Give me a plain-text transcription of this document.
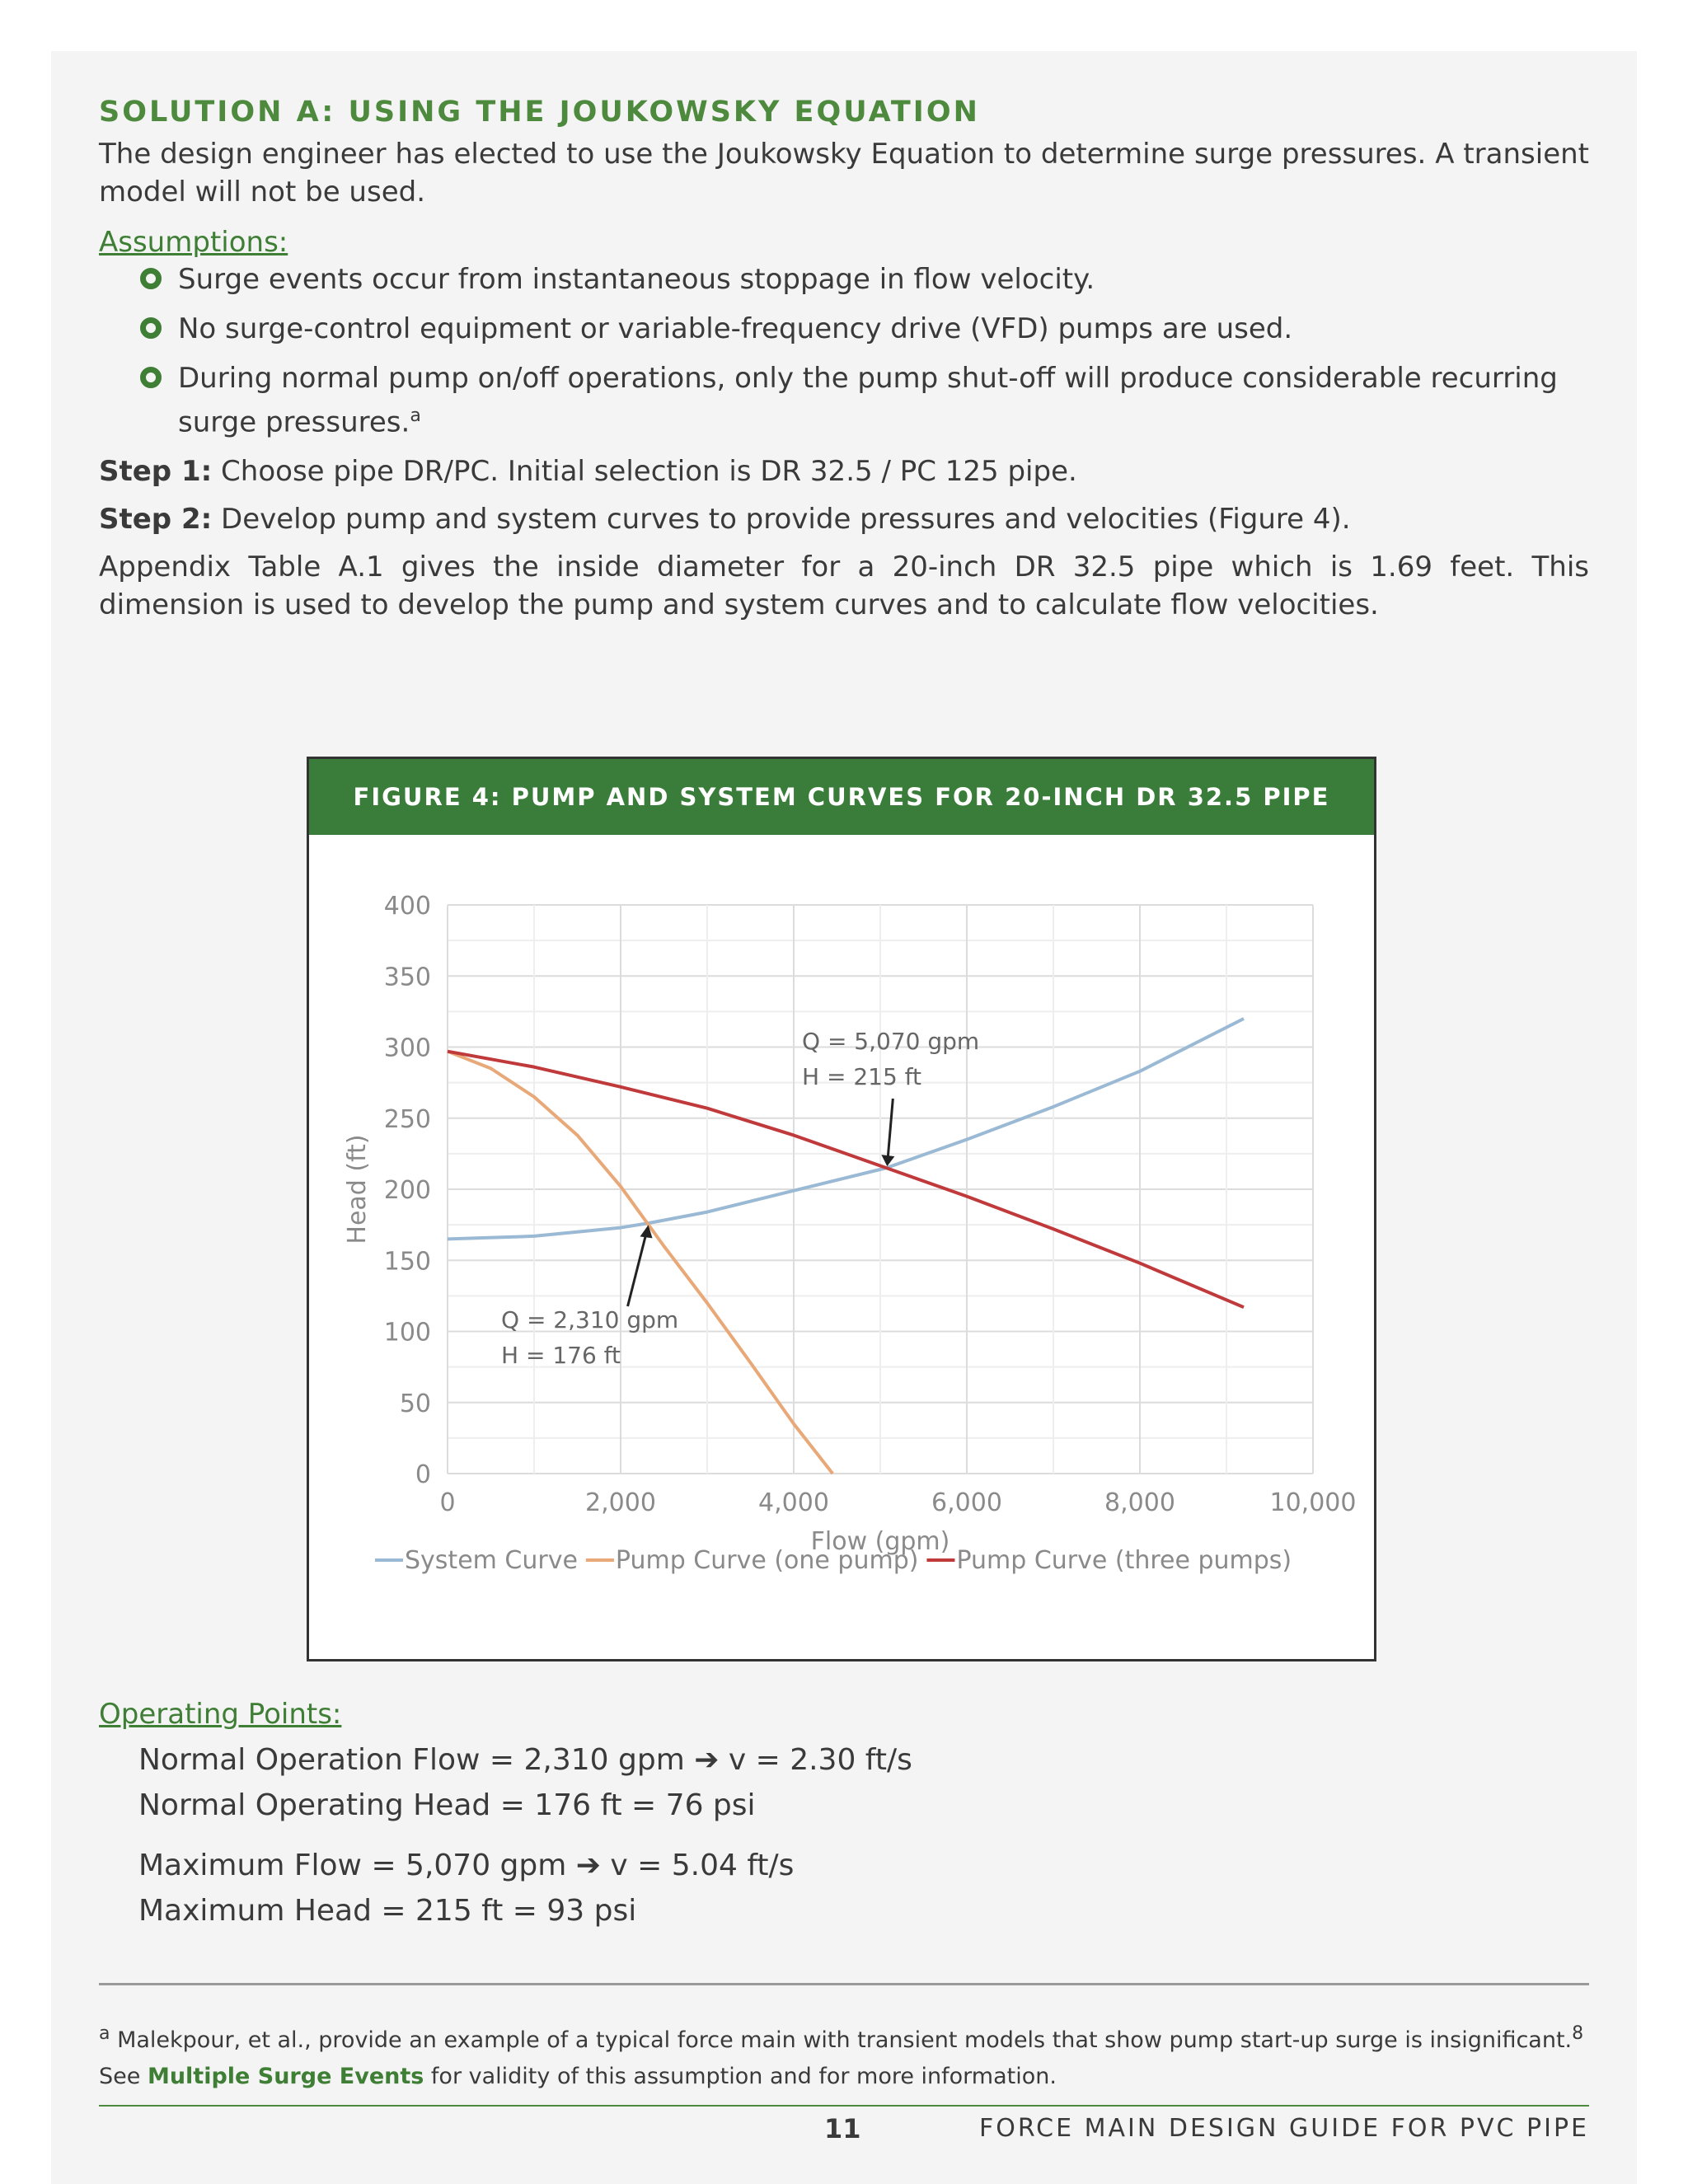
SOLUTION A: USING THE JOUKOWSKY EQUATION

The design engineer has elected to use the Joukowsky Equation to determine surge pressures. A transient model will not be used.

Assumptions:
Surge events occur from instantaneous stoppage in flow velocity.
No surge-control equipment or variable-frequency drive (VFD) pumps are used.
During normal pump on/off operations, only the pump shut-off will produce considerable recurring surge pressures.$^a$
Step 1: Choose pipe DR/PC. Initial selection is DR 32.5 / PC 125 pipe.
Step 2: Develop pump and system curves to provide pressures and velocities (Figure 4).

Appendix Table A.1 gives the inside diameter for a 20-inch DR 32.5 pipe which is 1.69 feet. This dimension is used to develop the pump and system curves and to calculate flow velocities.

FIGURE 4: PUMP AND SYSTEM CURVES FOR 20-INCH DR 32.5 PIPE
400
350
300
250
200
150
100
50
0
0	2,000	4,000	6,000	8,000	10,000
Flow (gpm)
Head (ft)
Q = 5,070 gpm
H = 215 ft
Q = 2,310 gpm
H = 176 ft
System Curve Pump Curve (one pump) Pump Curve (three pumps)
Operating Points:
Normal Operation Flow = 2,310 gpm ➔ v = 2.30 ft/s
Normal Operating Head = 176 ft = 76 psi
Maximum Flow = 5,070 gpm ➔ v = 5.04 ft/s
Maximum Head = 215 ft = 93 psi
$^a$ Malekpour, et al., provide an example of a typical force main with transient models that show pump start-up surge is insignificant.$^8$
See Multiple Surge Events for validity of this assumption and for more information.
11	FORCE MAIN DESIGN GUIDE FOR PVC PIPE
